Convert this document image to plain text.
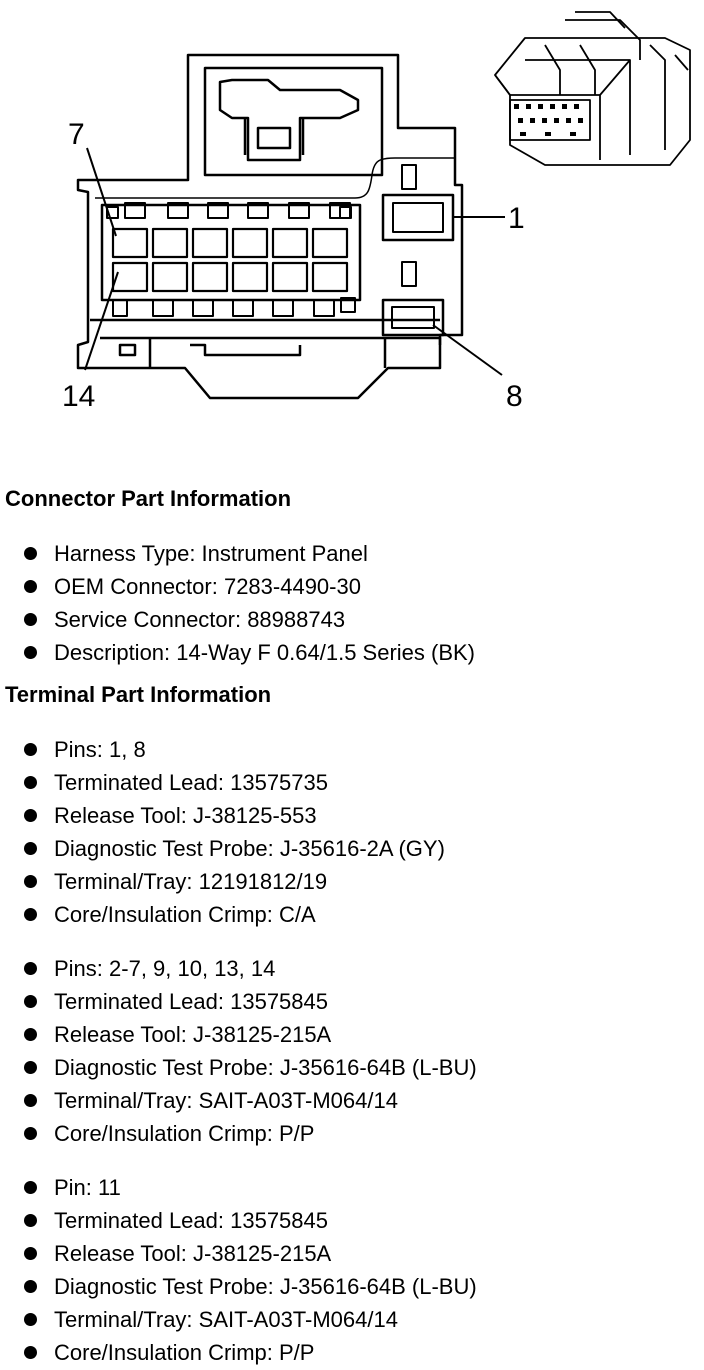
7
1
14	8
Connector Part Information
Harness Type: Instrument Panel
OEM Connector: 7283-4490-30
Service Connector: 88988743
Description: 14-Way F 0.64/1.5 Series (BK)
Terminal Part Information
Pins: 1, 8
Terminated Lead: 13575735
Release Tool: J-38125-553
Diagnostic Test Probe: J-35616-2A (GY)
Terminal/Tray: 12191812/19
Core/Insulation Crimp: C/A
Pins: 2-7, 9, 10, 13, 14
Terminated Lead: 13575845
Release Tool: J-38125-215A
Diagnostic Test Probe: J-35616-64B (L-BU)
Terminal/Tray: SAIT-A03T-M064/14
Core/Insulation Crimp: P/P
Pin: 11
Terminated Lead: 13575845
Release Tool: J-38125-215A
Diagnostic Test Probe: J-35616-64B (L-BU)
Terminal/Tray: SAIT-A03T-M064/14
Core/Insulation Crimp: P/P
